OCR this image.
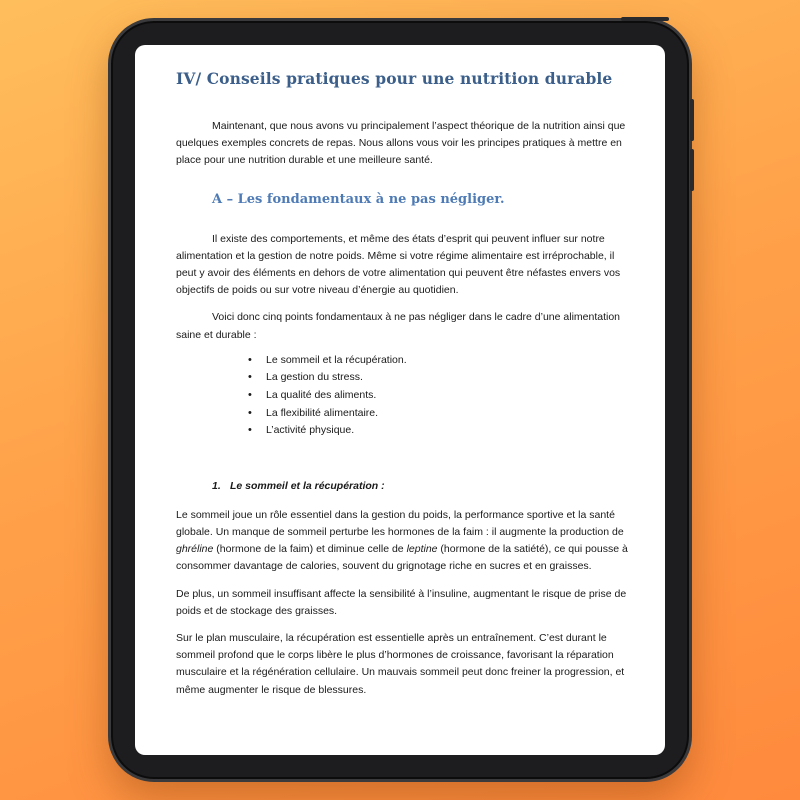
IV/ Conseils pratiques pour une nutrition durable

Maintenant, que nous avons vu principalement l’aspect théorique de la nutrition ainsi que quelques exemples concrets de repas. Nous allons vous voir les principes pratiques à mettre en place pour une nutrition durable et une meilleure santé.

A – Les fondamentaux à ne pas négliger.

Il existe des comportements, et même des états d’esprit qui peuvent influer sur notre alimentation et la gestion de notre poids. Même si votre régime alimentaire est irréprochable, il peut y avoir des éléments en dehors de votre alimentation qui peuvent être néfastes envers vos objectifs de poids ou sur votre niveau d’énergie au quotidien.

Voici donc cinq points fondamentaux à ne pas négliger dans le cadre d’une alimentation saine et durable :

• Le sommeil et la récupération.
• La gestion du stress.
• La qualité des aliments.
• La flexibilité alimentaire.
• L’activité physique.
1. Le sommeil et la récupération :

Le sommeil joue un rôle essentiel dans la gestion du poids, la performance sportive et la santé globale. Un manque de sommeil perturbe les hormones de la faim : il augmente la production de ghréline (hormone de la faim) et diminue celle de leptine (hormone de la satiété), ce qui pousse à consommer davantage de calories, souvent du grignotage riche en sucres et en graisses.

De plus, un sommeil insuffisant affecte la sensibilité à l’insuline, augmentant le risque de prise de poids et de stockage des graisses.

Sur le plan musculaire, la récupération est essentielle après un entraînement. C’est durant le sommeil profond que le corps libère le plus d’hormones de croissance, favorisant la réparation musculaire et la régénération cellulaire. Un mauvais sommeil peut donc freiner la progression, et même augmenter le risque de blessures.
